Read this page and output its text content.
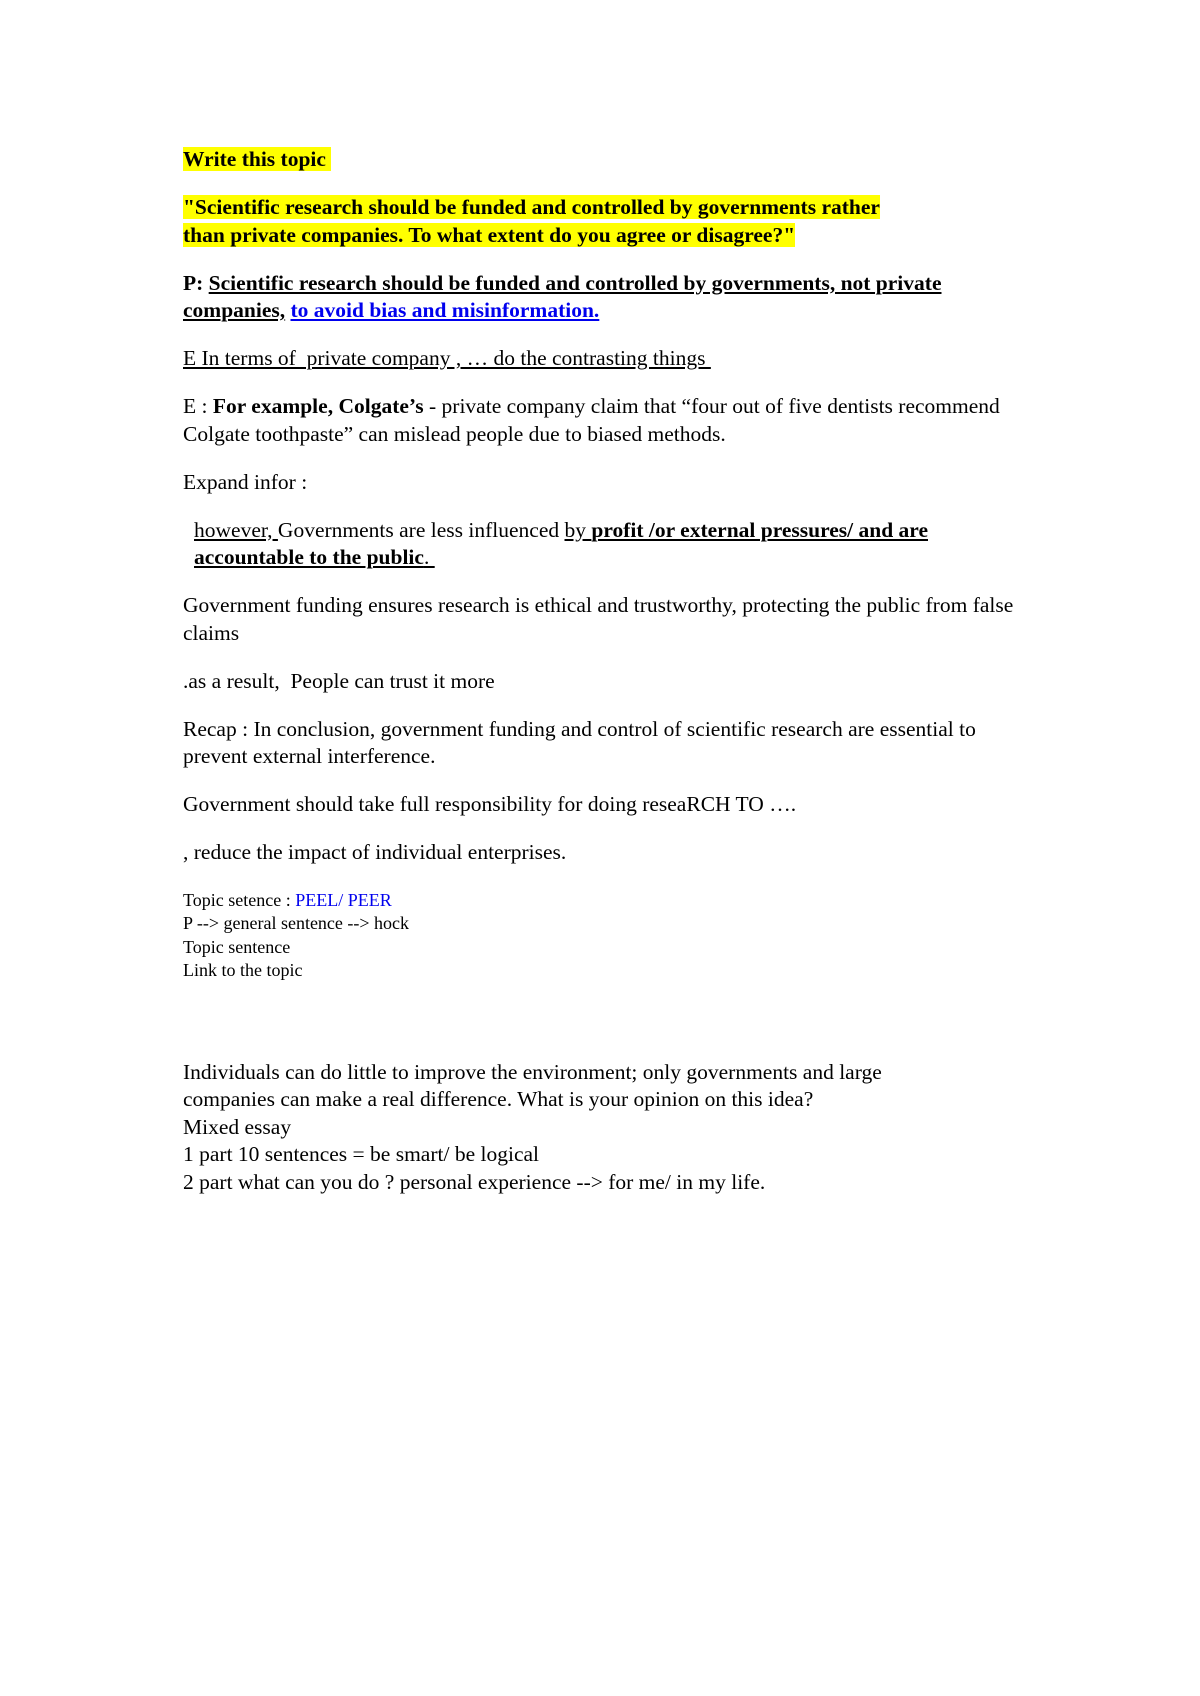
Write this topic

"Scientific research should be funded and controlled by governments rather
than private companies. To what extent do you agree or disagree?"

P: Scientific research should be funded and controlled by governments, not private companies, to avoid bias and misinformation.

E In terms of  private company , … do the contrasting things

E : For example, Colgate’s - private company claim that “four out of five dentists recommend Colgate toothpaste” can mislead people due to biased methods.

Expand infor :

however, Governments are less influenced by profit /or external pressures/ and are accountable to the public.

Government funding ensures research is ethical and trustworthy, protecting the public from false claims

.as a result,  People can trust it more

Recap : In conclusion, government funding and control of scientific research are essential to prevent external interference.

Government should take full responsibility for doing reseaRCH TO ….

, reduce the impact of individual enterprises.

Topic setence : PEEL/ PEER
P --> general sentence --> hock
Topic sentence
Link to the topic
Individuals can do little to improve the environment; only governments and large
companies can make a real difference. What is your opinion on this idea?
Mixed essay
1 part 10 sentences = be smart/ be logical
2 part what can you do ? personal experience --> for me/ in my life.
